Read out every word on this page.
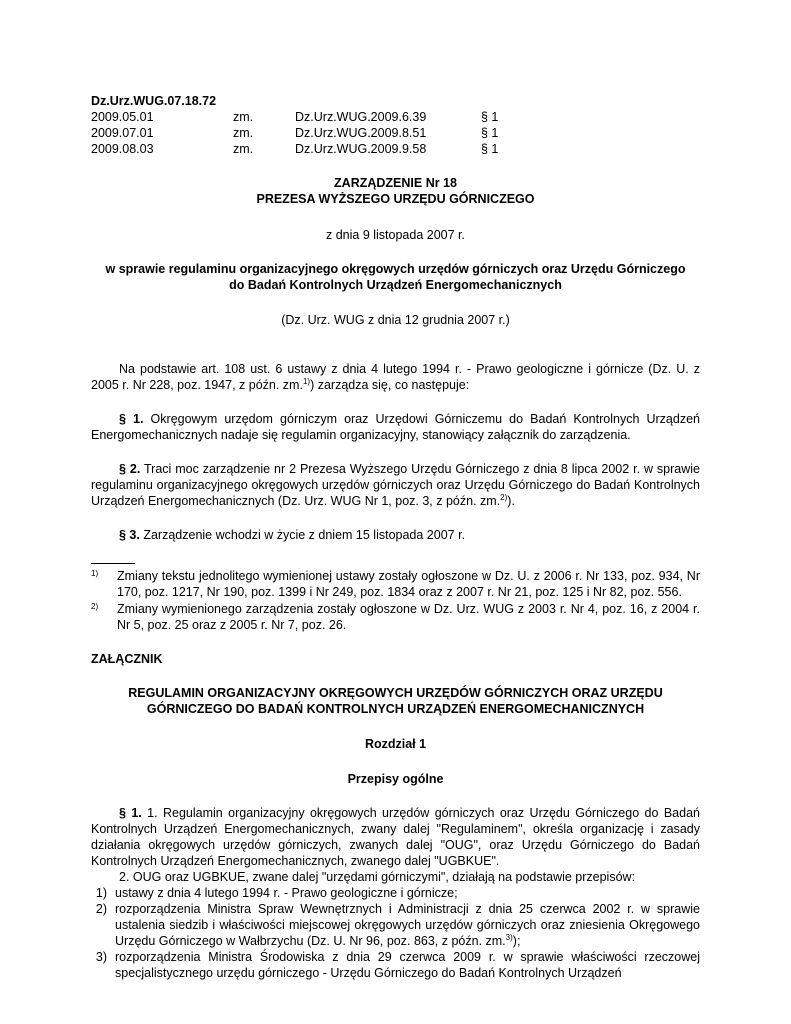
Dz.Urz.WUG.07.18.72
2009.05.01	zm.	Dz.Urz.WUG.2009.6.39	§ 1
2009.07.01	zm.	Dz.Urz.WUG.2009.8.51	§ 1
2009.08.03	zm.	Dz.Urz.WUG.2009.9.58	§ 1
ZARZĄDZENIE Nr 18
PREZESA WYŻSZEGO URZĘDU GÓRNICZEGO
z dnia 9 listopada 2007 r.
w sprawie regulaminu organizacyjnego okręgowych urzędów górniczych oraz Urzędu Górniczego
do Badań Kontrolnych Urządzeń Energomechanicznych
(Dz. Urz. WUG z dnia 12 grudnia 2007 r.)

Na podstawie art. 108 ust. 6 ustawy z dnia 4 lutego 1994 r. - Prawo geologiczne i górnicze (Dz. U. z 2005 r. Nr 228, poz. 1947, z późn. zm.$^{1)}$) zarządza się, co następuje:

§ 1. Okręgowym urzędom górniczym oraz Urzędowi Górniczemu do Badań Kontrolnych Urządzeń Energomechanicznych nadaje się regulamin organizacyjny, stanowiący załącznik do zarządzenia.

§ 2. Traci moc zarządzenie nr 2 Prezesa Wyższego Urzędu Górniczego z dnia 8 lipca 2002 r. w sprawie regulaminu organizacyjnego okręgowych urzędów górniczych oraz Urzędu Górniczego do Badań Kontrolnych Urządzeń Energomechanicznych (Dz. Urz. WUG Nr 1, poz. 3, z późn. zm.$^{2)}$).

§ 3. Zarządzenie wchodzi w życie z dniem 15 listopada 2007 r.

1)	Zmiany tekstu jednolitego wymienionej ustawy zostały ogłoszone w Dz. U. z 2006 r. Nr 133, poz. 934, Nr 170, poz. 1217, Nr 190, poz. 1399 i Nr 249, poz. 1834 oraz z 2007 r. Nr 21, poz. 125 i Nr 82, poz. 556.
2)	Zmiany wymienionego zarządzenia zostały ogłoszone w Dz. Urz. WUG z 2003 r. Nr 4, poz. 16, z 2004 r. Nr 5, poz. 25 oraz z 2005 r. Nr 7, poz. 26.
ZAŁĄCZNIK
REGULAMIN ORGANIZACYJNY OKRĘGOWYCH URZĘDÓW GÓRNICZYCH ORAZ URZĘDU
GÓRNICZEGO DO BADAŃ KONTROLNYCH URZĄDZEŃ ENERGOMECHANICZNYCH
Rozdział 1
Przepisy ogólne

§ 1. 1. Regulamin organizacyjny okręgowych urzędów górniczych oraz Urzędu Górniczego do Badań Kontrolnych Urządzeń Energomechanicznych, zwany dalej "Regulaminem", określa organizację i zasady działania okręgowych urzędów górniczych, zwanych dalej "OUG", oraz Urzędu Górniczego do Badań Kontrolnych Urządzeń Energomechanicznych, zwanego dalej "UGBKUE".

2. OUG oraz UGBKUE, zwane dalej "urzędami górniczymi", działają na podstawie przepisów:

1) ustawy z dnia 4 lutego 1994 r. - Prawo geologiczne i górnicze;
2) rozporządzenia Ministra Spraw Wewnętrznych i Administracji z dnia 25 czerwca 2002 r. w sprawie ustalenia siedzib i właściwości miejscowej okręgowych urzędów górniczych oraz zniesienia Okręgowego Urzędu Górniczego w Wałbrzychu (Dz. U. Nr 96, poz. 863, z późn. zm.$^{3)}$);
3) rozporządzenia Ministra Środowiska z dnia 29 czerwca 2009 r. w sprawie właściwości rzeczowej specjalistycznego urzędu górniczego - Urzędu Górniczego do Badań Kontrolnych Urządzeń
